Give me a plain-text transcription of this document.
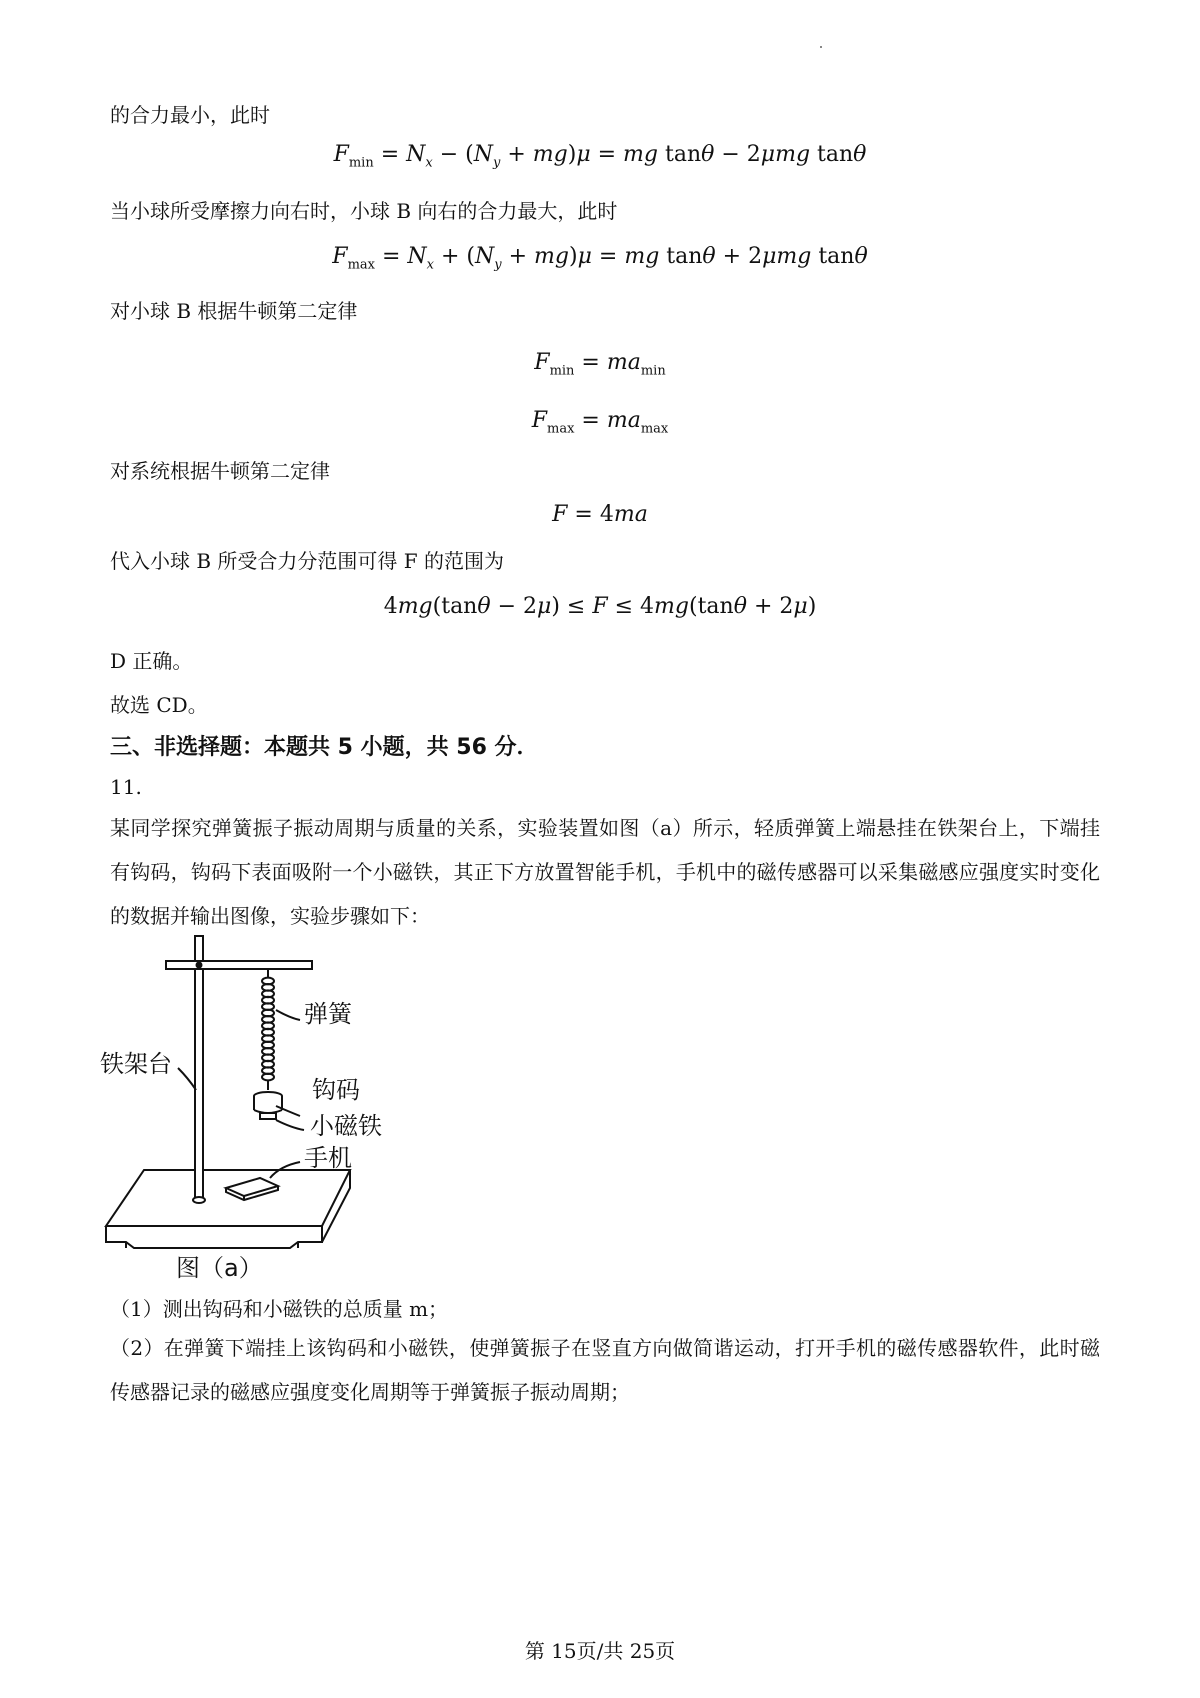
的合力最小，此时
$F_{min} = N_x - (N_y + mg)\mu$ = mg tanθ − 2μmg tanθ
当小球所受摩擦力向右时，小球 B 向右的合力最大，此时
$F_{max} = N_x + (N_y + mg)\mu$ = mg tanθ + 2μmg tanθ
对小球 B 根据牛顿第二定律
$F_{min} = ma_{min}$
$F_{max} = ma_{max}$
对系统根据牛顿第二定律
F = 4ma
代入小球 B 所受合力分范围可得 F 的范围为
4mg(tanθ − 2μ) ≤ F ≤ 4mg(tanθ + 2μ)
D 正确。
故选 CD。
三、非选择题：本题共 5 小题，共 56 分．
11.
某同学探究弹簧振子振动周期与质量的关系，实验装置如图（a）所示，轻质弹簧上端悬挂在铁架台上，下端挂有钩码，钩码下表面吸附一个小磁铁，其正下方放置智能手机，手机中的磁传感器可以采集磁感应强度实时变化的数据并输出图像，实验步骤如下：
弹簧
铁架台
钩码
小磁铁
手机
图（a）
（1）测出钩码和小磁铁的总质量 m；
（2）在弹簧下端挂上该钩码和小磁铁，使弹簧振子在竖直方向做简谐运动，打开手机的磁传感器软件，此时磁传感器记录的磁感应强度变化周期等于弹簧振子振动周期；
第 15页/共 25页
